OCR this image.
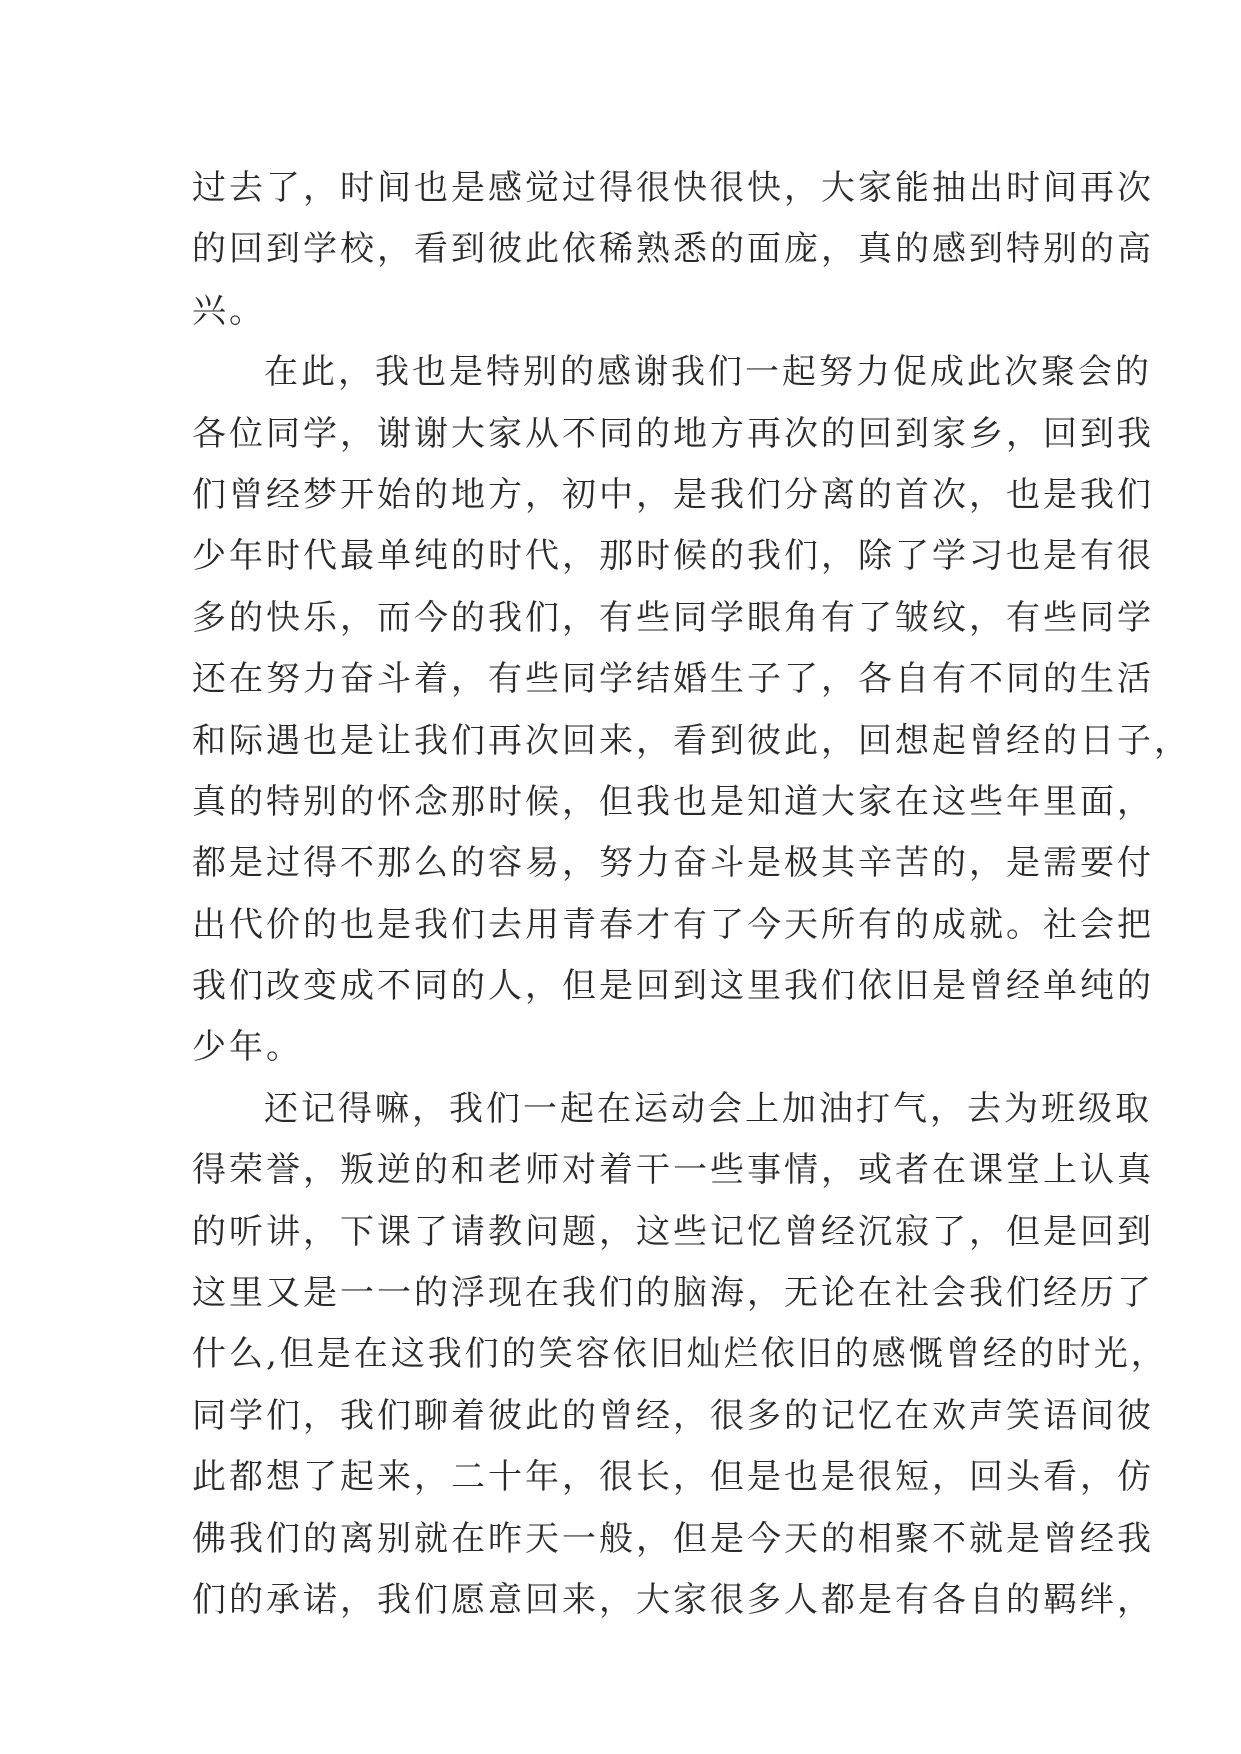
过去了，时间也是感觉过得很快很快，大家能抽出时间再次
的回到学校，看到彼此依稀熟悉的面庞，真的感到特别的高
兴。
在此，我也是特别的感谢我们一起努力促成此次聚会的
各位同学，谢谢大家从不同的地方再次的回到家乡，回到我
们曾经梦开始的地方，初中，是我们分离的首次，也是我们
少年时代最单纯的时代，那时候的我们，除了学习也是有很
多的快乐，而今的我们，有些同学眼角有了皱纹，有些同学
还在努力奋斗着，有些同学结婚生子了，各自有不同的生活
和际遇也是让我们再次回来，看到彼此，回想起曾经的日子，
真的特别的怀念那时候，但我也是知道大家在这些年里面，
都是过得不那么的容易，努力奋斗是极其辛苦的，是需要付
出代价的也是我们去用青春才有了今天所有的成就。社会把
我们改变成不同的人，但是回到这里我们依旧是曾经单纯的
少年。
还记得嘛，我们一起在运动会上加油打气，去为班级取
得荣誉，叛逆的和老师对着干一些事情，或者在课堂上认真
的听讲，下课了请教问题，这些记忆曾经沉寂了，但是回到
这里又是一一的浮现在我们的脑海，无论在社会我们经历了
什么,但是在这我们的笑容依旧灿烂依旧的感慨曾经的时光，
同学们，我们聊着彼此的曾经，很多的记忆在欢声笑语间彼
此都想了起来，二十年，很长，但是也是很短，回头看，仿
佛我们的离别就在昨天一般，但是今天的相聚不就是曾经我
们的承诺，我们愿意回来，大家很多人都是有各自的羁绊，
